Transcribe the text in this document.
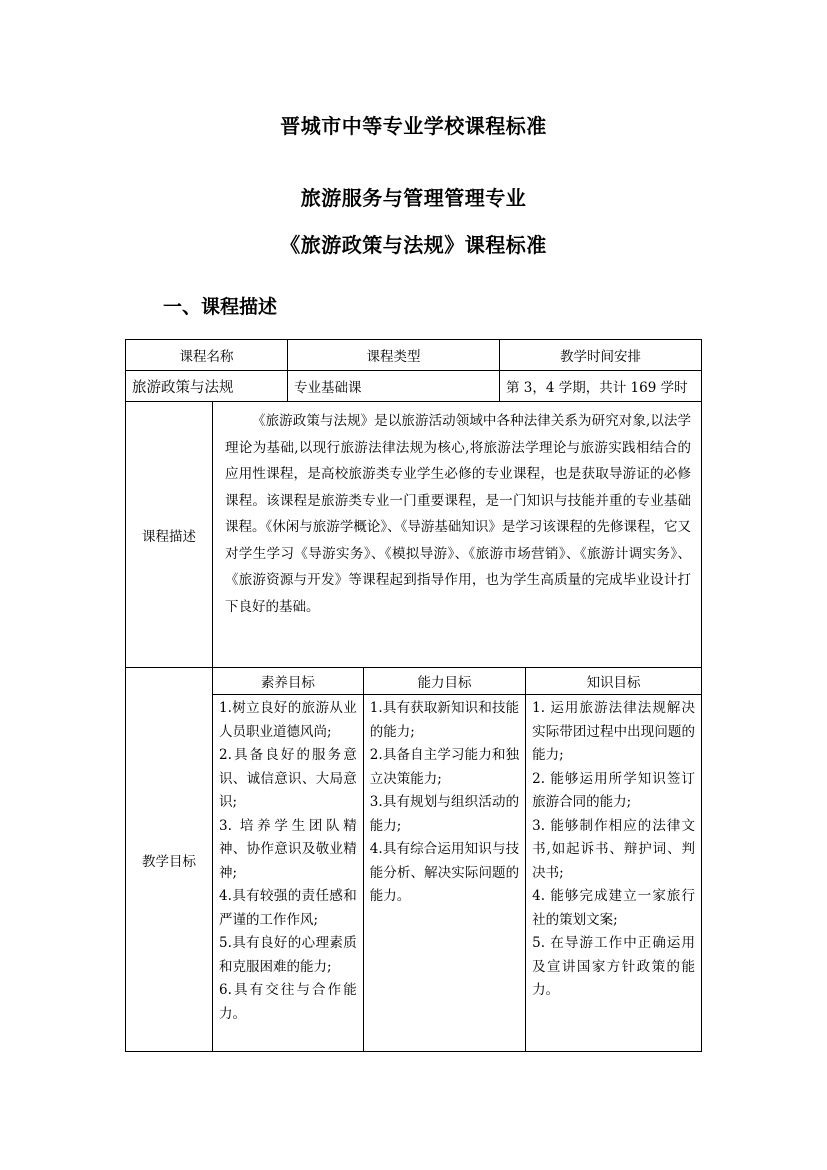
晋城市中等专业学校课程标准
旅游服务与管理管理专业
《旅游政策与法规》课程标准
一、课程描述
课程名称	课程类型	教学时间安排
旅游政策与法规	专业基础课	第 3，4 学期，共计 169 学时
课程描述	《旅游政策与法规》是以旅游活动领域中各种法律关系为研究对象,以法学理论为基础,以现行旅游法律法规为核心,将旅游法学理论与旅游实践相结合的应用性课程，是高校旅游类专业学生必修的专业课程，也是获取导游证的必修课程。该课程是旅游类专业一门重要课程，是一门知识与技能并重的专业基础课程。《休闲与旅游学概论》、《导游基础知识》是学习该课程的先修课程，它又对学生学习《导游实务》、《模拟导游》、《旅游市场营销》、《旅游计调实务》、《旅游资源与开发》等课程起到指导作用，也为学生高质量的完成毕业设计打下良好的基础。
教学目标	
素养目标	能力目标	知识目标

1.树立良好的旅游从业人员职业道德风尚;
2.具备良好的服务意识、诚信意识、大局意识;
3. 培养学生团队精神、协作意识及敬业精神;
4.具有较强的责任感和严谨的工作作风;
5.具有良好的心理素质和克服困难的能力;
6.具有交往与合作能力。

1.具有获取新知识和技能的能力;
2.具备自主学习能力和独立决策能力;
3.具有规划与组织活动的能力;
4.具有综合运用知识与技能分析、解决实际问题的能力。

1. 运用旅游法律法规解决实际带团过程中出现问题的能力;
2. 能够运用所学知识签订旅游合同的能力;
3. 能够制作相应的法律文书,如起诉书、辩护词、判决书;
4. 能够完成建立一家旅行社的策划文案;
5. 在导游工作中正确运用及宣讲国家方针政策的能力。
